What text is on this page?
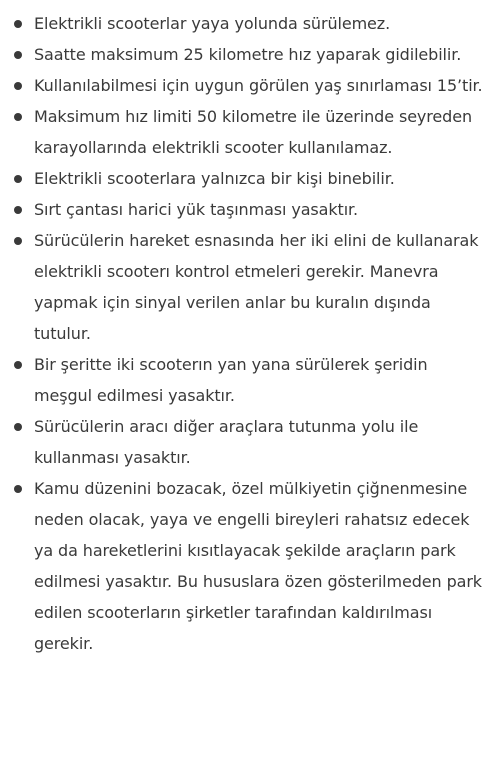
Elektrikli scooterlar yaya yolunda sürülemez.
Saatte maksimum 25 kilometre hız yaparak gidilebilir.
Kullanılabilmesi için uygun görülen yaş sınırlaması 15’tir.
Maksimum hız limiti 50 kilometre ile üzerinde seyreden karayollarında elektrikli scooter kullanılamaz.
Elektrikli scooterlara yalnızca bir kişi binebilir.
Sırt çantası harici yük taşınması yasaktır.
Sürücülerin hareket esnasında her iki elini de kullanarak elektrikli scooterı kontrol etmeleri gerekir. Manevra yapmak için sinyal verilen anlar bu kuralın dışında tutulur.
Bir şeritte iki scooterın yan yana sürülerek şeridin meşgul edilmesi yasaktır.
Sürücülerin aracı diğer araçlara tutunma yolu ile kullanması yasaktır.
Kamu düzenini bozacak, özel mülkiyetin çiğnenmesine neden olacak, yaya ve engelli bireyleri rahatsız edecek ya da hareketlerini kısıtlayacak şekilde araçların park edilmesi yasaktır. Bu hususlara özen gösterilmeden park edilen scooterların şirketler tarafından kaldırılması gerekir.
